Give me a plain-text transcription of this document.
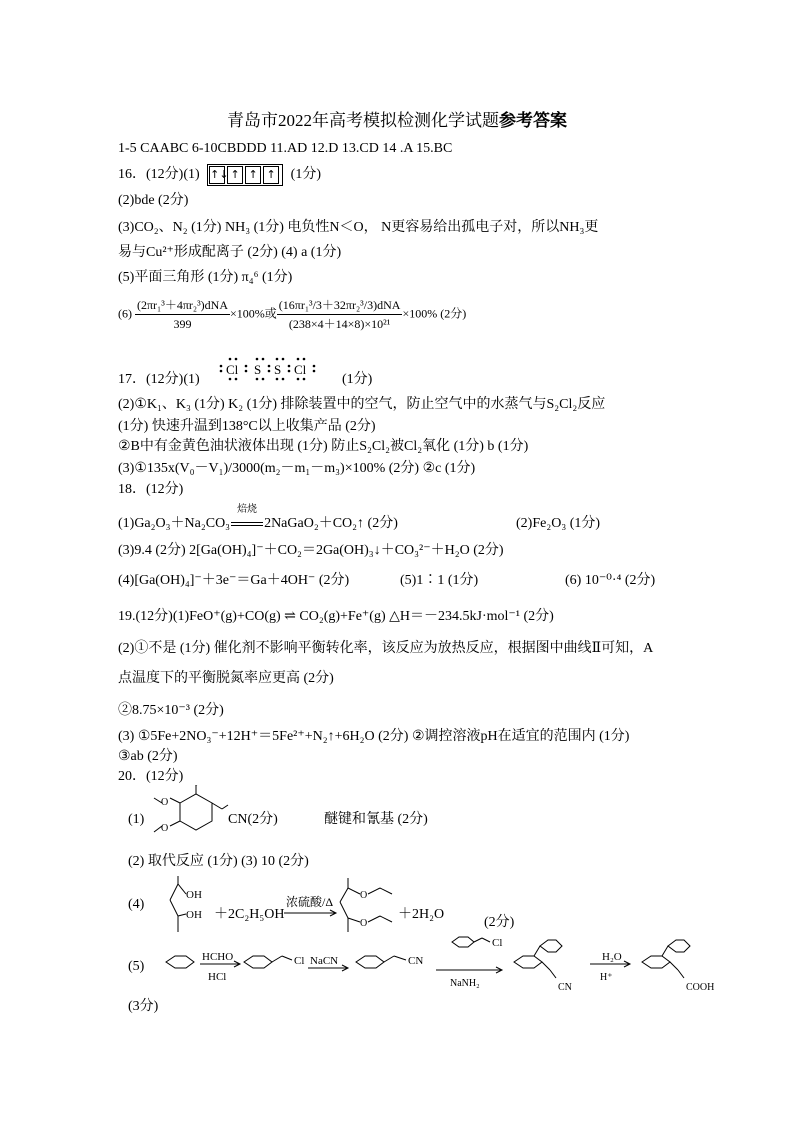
青岛市2022年高考模拟检测化学试题参考答案
1-5 CAABC 6-10CBDDD 11.AD 12.D 13.CD 14 .A 15.BC
16．(12分)(1) ↑↓ ↑ ↑ ↑ (1分)
(2)bde (2分)
(3)CO₂、N₂ (1分) NH₃ (1分) 电负性N＜O， N更容易给出孤电子对，所以NH₃更
易与Cu²⁺形成配离子 (2分) (4) a (1分)
(5)平面三角形 (1分) π₄⁶ (1分)
$(6) \frac{\text{(2πr₁³＋4πr₂³)dNA}}{399} \times 100\%$或 $\frac{\text{(16πr₁³/3＋32πr₂³/3)dNA}}{\text{(238×4＋14×8)×10²¹}} \times 100\%$ (2分)
17．(12分)(1)
Cl S S Cl
(1分)
(2)①K₁、K₃ (1分) K₂ (1分) 排除装置中的空气，防止空气中的水蒸气与S₂Cl₂反应
(1分) 快速升温到138°C以上收集产品 (2分)
②B中有金黄色油状液体出现 (1分) 防止S₂Cl₂被Cl₂氧化 (1分) b (1分)
(3)①135x(V₀－V₁)/3000(m₂－m₁－m₃)×100% (2分) ②c (1分)
18．(12分)
(1)Ga₂O₃＋Na₂CO₃
焙烧
2NaGaO₂＋CO₂↑ (2分)	(2)Fe₂O₃ (1分)
(3)9.4 (2分) 2[Ga(OH)₄]⁻＋CO₂＝2Ga(OH)₃↓＋CO₃²⁻＋H₂O (2分)
(4)[Ga(OH)₄]⁻＋3e⁻＝Ga＋4OH⁻ (2分)	(5)1∶1 (1分)	(6) 10⁻⁰·⁴ (2分)
19.(12分)(1)FeO⁺(g)+CO(g) ⇌ CO₂(g)+Fe⁺(g) △H＝－234.5kJ·mol⁻¹ (2分)
(2)①不是 (1分) 催化剂不影响平衡转化率，该反应为放热反应，根据图中曲线Ⅱ可知，A
点温度下的平衡脱氮率应更高 (2分)
②8.75×10⁻³ (2分)
(3) ①5Fe+2NO₃⁻+12H⁺＝5Fe²⁺+N₂↑+6H₂O (2分) ②调控溶液pH在适宜的范围内 (1分)
③ab (2分)
20．(12分)
(1)
O
O
CN(2分)	醚键和氰基 (2分)
(2) 取代反应 (1分) (3) 10 (2分)
(4)
OH
OH ＋2C₂H₅OH
浓硫酸/Δ	O
O
＋2H₂O
(2分)
(5)
HCHO
HCl
Cl NaCN	CN
Cl
NaNH₂	CN
H₂O
H⁺
COOH
(3分)
